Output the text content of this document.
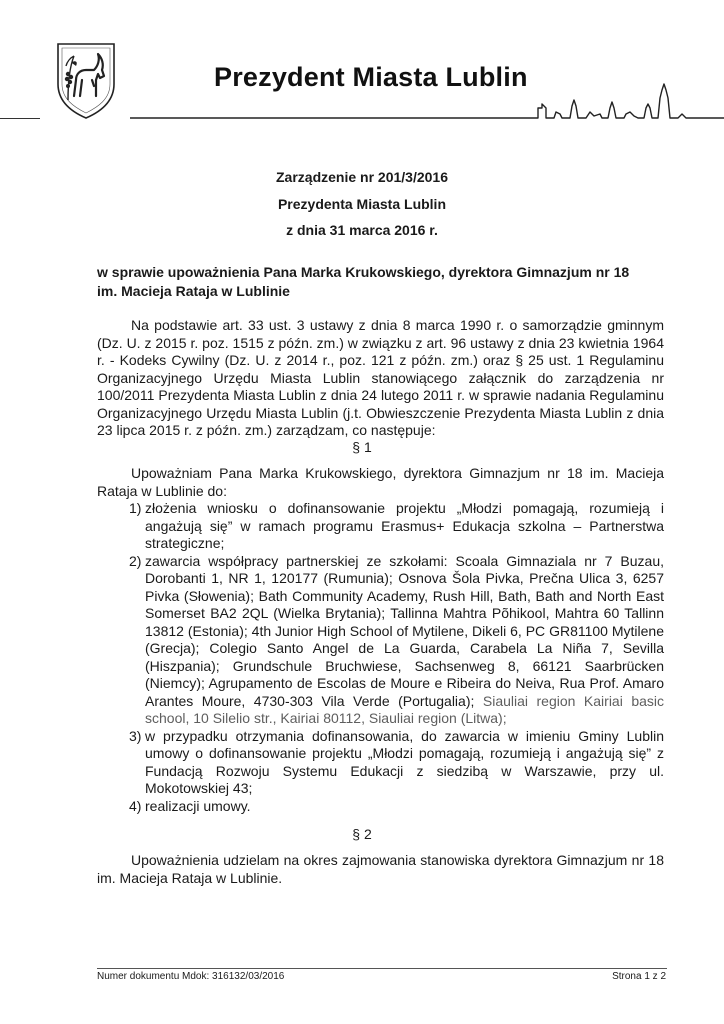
Prezydent Miasta Lublin
Zarządzenie nr 201/3/2016
Prezydenta Miasta Lublin
z dnia 31 marca 2016 r.
w sprawie upoważnienia Pana Marka Krukowskiego, dyrektora Gimnazjum nr 18
im. Macieja Rataja w Lublinie
Na podstawie art. 33 ust. 3 ustawy z dnia 8 marca 1990 r. o samorządzie gminnym (Dz. U. z 2015 r. poz. 1515 z późn. zm.) w związku z art. 96 ustawy z dnia 23 kwietnia 1964 r. - Kodeks Cywilny (Dz. U. z 2014 r., poz. 121 z późn. zm.) oraz § 25 ust. 1 Regulaminu Organizacyjnego Urzędu Miasta Lublin stanowiącego załącznik do zarządzenia nr 100/2011 Prezydenta Miasta Lublin z dnia 24 lutego 2011 r. w sprawie nadania Regulaminu Organizacyjnego Urzędu Miasta Lublin (j.t. Obwieszczenie Prezydenta Miasta Lublin z dnia 23 lipca 2015 r. z późn. zm.) zarządzam, co następuje:
§ 1
Upoważniam Pana Marka Krukowskiego, dyrektora Gimnazjum nr 18 im. Macieja Rataja w Lublinie do:
1) złożenia wniosku o dofinansowanie projektu „Młodzi pomagają, rozumieją i angażują się” w ramach programu Erasmus+ Edukacja szkolna – Partnerstwa strategiczne;
2) zawarcia współpracy partnerskiej ze szkołami: Scoala Gimnaziala nr 7 Buzau, Dorobanti 1, NR 1, 120177 (Rumunia); Osnova Šola Pivka, Prečna Ulica 3, 6257 Pivka (Słowenia); Bath Community Academy, Rush Hill, Bath, Bath and North East Somerset BA2 2QL (Wielka Brytania); Tallinna Mahtra Põhikool, Mahtra 60 Tallinn 13812 (Estonia); 4th Junior High School of Mytilene, Dikeli 6, PC GR81100 Mytilene (Grecja); Colegio Santo Angel de La Guarda, Carabela La Niña 7, Sevilla (Hiszpania); Grundschule Bruchwiese, Sachsenweg 8, 66121 Saarbrücken (Niemcy); Agrupamento de Escolas de Moure e Ribeira do Neiva, Rua Prof. Amaro Arantes Moure, 4730-303 Vila Verde (Portugalia); Siauliai region Kairiai basic school, 10 Silelio str., Kairiai 80112, Siauliai region (Litwa);
3) w przypadku otrzymania dofinansowania, do zawarcia w imieniu Gminy Lublin umowy o dofinansowanie projektu „Młodzi pomagają, rozumieją i angażują się” z Fundacją Rozwoju Systemu Edukacji z siedzibą w Warszawie, przy ul. Mokotowskiej 43;
4) realizacji umowy.
§ 2
Upoważnienia udzielam na okres zajmowania stanowiska dyrektora Gimnazjum nr 18 im. Macieja Rataja w Lublinie.
Numer dokumentu Mdok: 316132/03/2016	Strona 1 z 2
